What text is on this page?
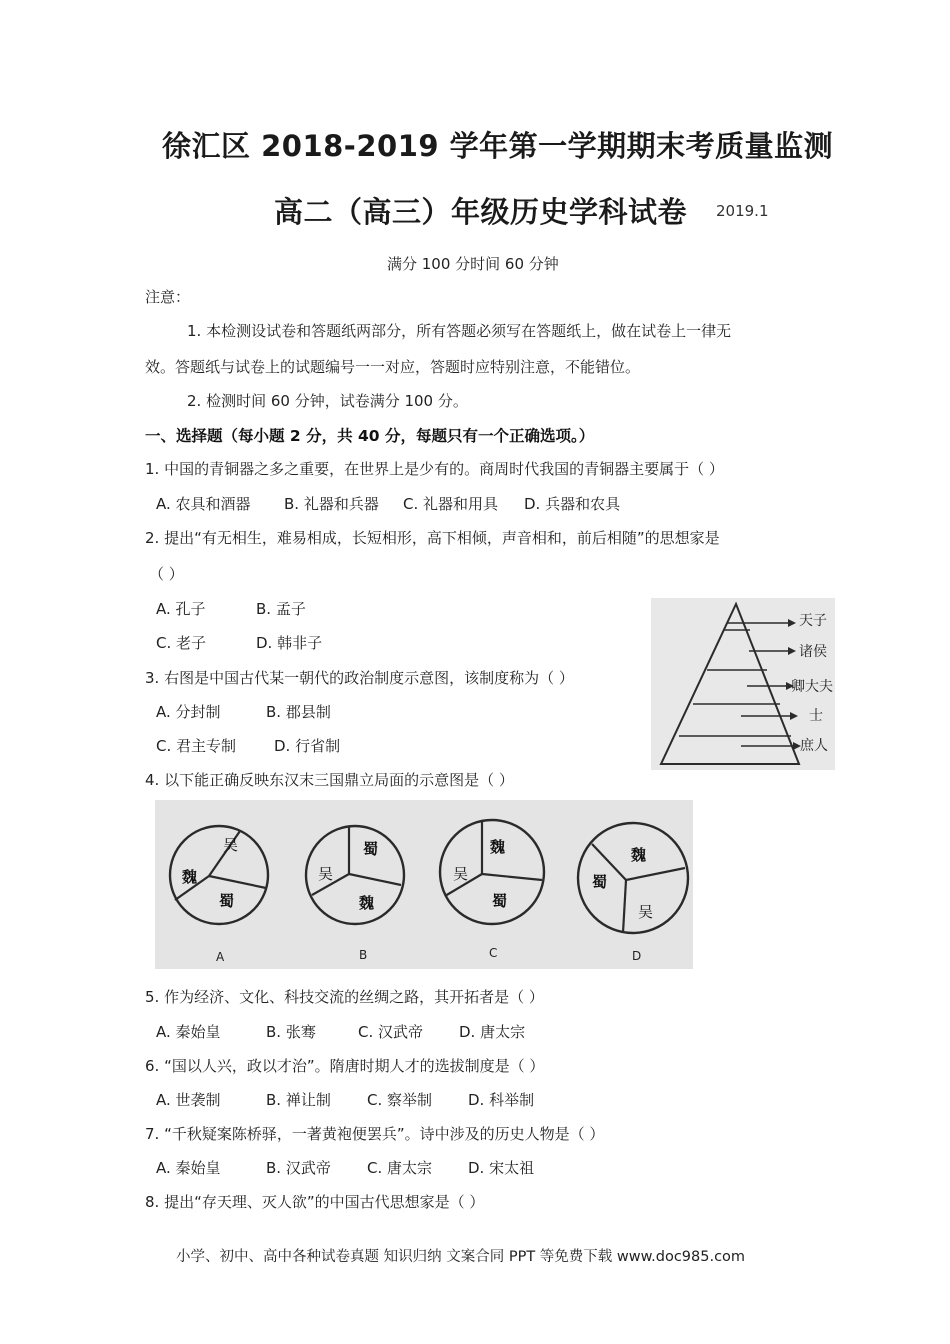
徐汇区 2018-2019 学年第一学期期末考质量监测
高二（高三）年级历史学科试卷 2019.1
满分 100 分时间 60 分钟
注意：
1. 本检测设试卷和答题纸两部分，所有答题必须写在答题纸上，做在试卷上一律无
效。答题纸与试卷上的试题编号一一对应，答题时应特别注意，不能错位。
2. 检测时间 60 分钟，试卷满分 100 分。
一、选择题（每小题 2 分，共 40 分，每题只有一个正确选项。）
1. 中国的青铜器之多之重要，在世界上是少有的。商周时代我国的青铜器主要属于（ ）
A. 农具和酒器 B. 礼器和兵器 C. 礼器和用具 D. 兵器和农具
2. 提出“有无相生，难易相成，长短相形，高下相倾，声音相和，前后相随”的思想家是
（ ）
A. 孔子	B. 孟子
C. 老子	D. 韩非子
天子
诸侯
卿大夫
士
庶人
3. 右图是中国古代某一朝代的政治制度示意图，该制度称为（ ）
A. 分封制	B. 郡县制
C. 君主专制	D. 行省制
4. 以下能正确反映东汉末三国鼎立局面的示意图是（ ）
吴
魏
蜀
A
蜀
吴
魏
B
魏
吴
蜀
C
魏
蜀
吴
D
5. 作为经济、文化、科技交流的丝绸之路，其开拓者是（ ）
A. 秦始皇	B. 张骞	C. 汉武帝 D. 唐太宗
6. “国以人兴，政以才治”。隋唐时期人才的选拔制度是（ ）
A. 世袭制	B. 禅让制 C. 察举制 D. 科举制
7. “千秋疑案陈桥驿，一著黄袍便罢兵”。诗中涉及的历史人物是（ ）
A. 秦始皇	B. 汉武帝 C. 唐太宗 D. 宋太祖
8. 提出“存天理、灭人欲”的中国古代思想家是（ ）
小学、初中、高中各种试卷真题 知识归纳 文案合同 PPT 等免费下载 www.doc985.com
